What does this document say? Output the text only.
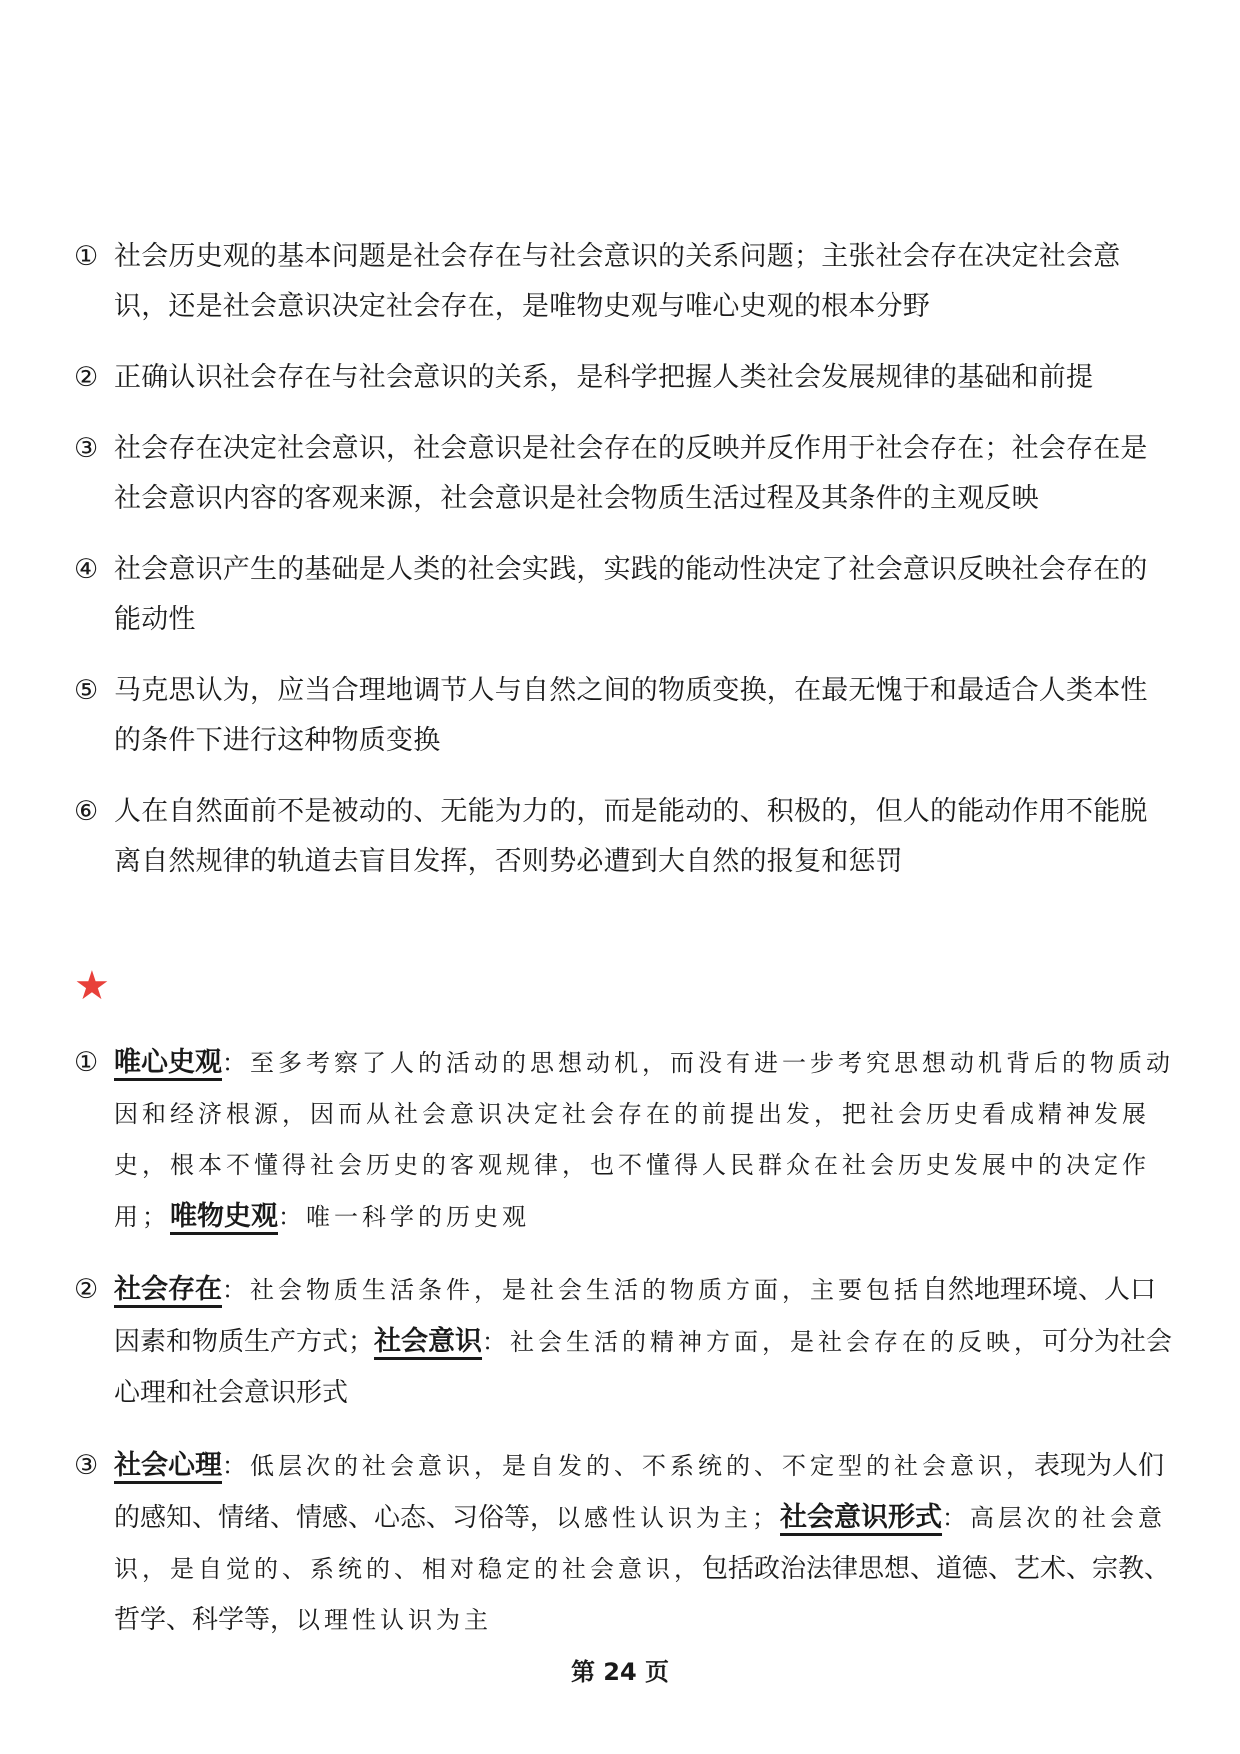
① 社会历史观的基本问题是社会存在与社会意识的关系问题；主张社会存在决定社会意识，还是社会意识决定社会存在，是唯物史观与唯心史观的根本分野
② 正确认识社会存在与社会意识的关系，是科学把握人类社会发展规律的基础和前提
③ 社会存在决定社会意识，社会意识是社会存在的反映并反作用于社会存在；社会存在是社会意识内容的客观来源，社会意识是社会物质生活过程及其条件的主观反映
④ 社会意识产生的基础是人类的社会实践，实践的能动性决定了社会意识反映社会存在的能动性
⑤ 马克思认为，应当合理地调节人与自然之间的物质变换，在最无愧于和最适合人类本性的条件下进行这种物质变换
⑥ 人在自然面前不是被动的、无能为力的，而是能动的、积极的，但人的能动作用不能脱离自然规律的轨道去盲目发挥，否则势必遭到大自然的报复和惩罚
★
① 唯心史观：至多考察了人的活动的思想动机，而没有进一步考究思想动机背后的物质动因和经济根源，因而从社会意识决定社会存在的前提出发，把社会历史看成精神发展史，根本不懂得社会历史的客观规律，也不懂得人民群众在社会历史发展中的决定作用；唯物史观：唯一科学的历史观
② 社会存在：社会物质生活条件，是社会生活的物质方面，主要包括自然地理环境、人口因素和物质生产方式；社会意识：社会生活的精神方面，是社会存在的反映，可分为社会心理和社会意识形式
③ 社会心理：低层次的社会意识，是自发的、不系统的、不定型的社会意识，表现为人们的感知、情绪、情感、心态、习俗等，以感性认识为主；社会意识形式：高层次的社会意识，是自觉的、系统的、相对稳定的社会意识，包括政治法律思想、道德、艺术、宗教、哲学、科学等，以理性认识为主
第 24 页
